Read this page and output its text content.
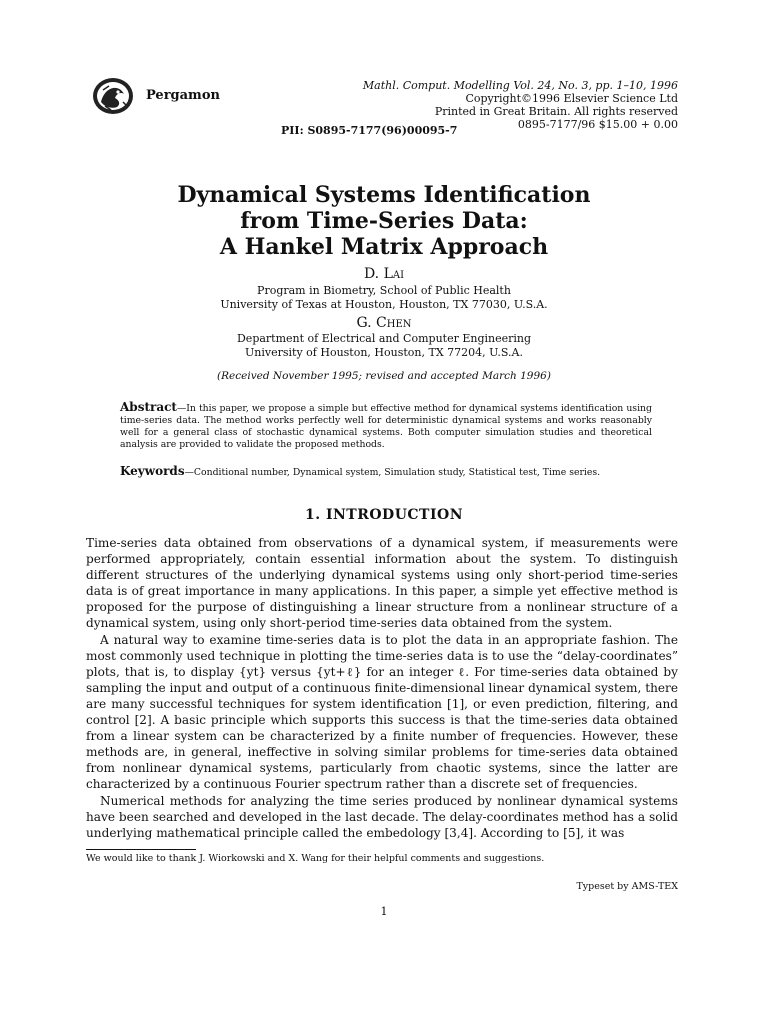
Pergamon
Mathl. Comput. Modelling Vol. 24, No. 3, pp. 1–10, 1996
Copyright©1996 Elsevier Science Ltd
Printed in Great Britain. All rights reserved
0895-7177/96 $15.00 + 0.00
PII: S0895-7177(96)00095-7
Dynamical Systems Identification
from Time-Series Data:
A Hankel Matrix Approach
D. Lai
Program in Biometry, School of Public Health
University of Texas at Houston, Houston, TX 77030, U.S.A.
G. Chen
Department of Electrical and Computer Engineering
University of Houston, Houston, TX 77204, U.S.A.
(Received November 1995; revised and accepted March 1996)
Abstract—In this paper, we propose a simple but effective method for dynamical systems identification using time-series data. The method works perfectly well for deterministic dynamical systems and works reasonably well for a general class of stochastic dynamical systems. Both computer simulation studies and theoretical analysis are provided to validate the proposed methods.
Keywords—Conditional number, Dynamical system, Simulation study, Statistical test, Time series.
1. INTRODUCTION

Time-series data obtained from observations of a dynamical system, if measurements were performed appropriately, contain essential information about the system. To distinguish different structures of the underlying dynamical systems using only short-period time-series data is of great importance in many applications. In this paper, a simple yet effective method is proposed for the purpose of distinguishing a linear structure from a nonlinear structure of a dynamical system, using only short-period time-series data obtained from the system.

A natural way to examine time-series data is to plot the data in an appropriate fashion. The most commonly used technique in plotting the time-series data is to use the “delay-coordinates” plots, that is, to display {yt} versus {yt+ℓ} for an integer ℓ. For time-series data obtained by sampling the input and output of a continuous finite-dimensional linear dynamical system, there are many successful techniques for system identification [1], or even prediction, filtering, and control [2]. A basic principle which supports this success is that the time-series data obtained from a linear system can be characterized by a finite number of frequencies. However, these methods are, in general, ineffective in solving similar problems for time-series data obtained from nonlinear dynamical systems, particularly from chaotic systems, since the latter are characterized by a continuous Fourier spectrum rather than a discrete set of frequencies.

Numerical methods for analyzing the time series produced by nonlinear dynamical systems have been searched and developed in the last decade. The delay-coordinates method has a solid underlying mathematical principle called the embedology [3,4]. According to [5], it was

We would like to thank J. Wiorkowski and X. Wang for their helpful comments and suggestions.
Typeset by AMS-TEX
1
